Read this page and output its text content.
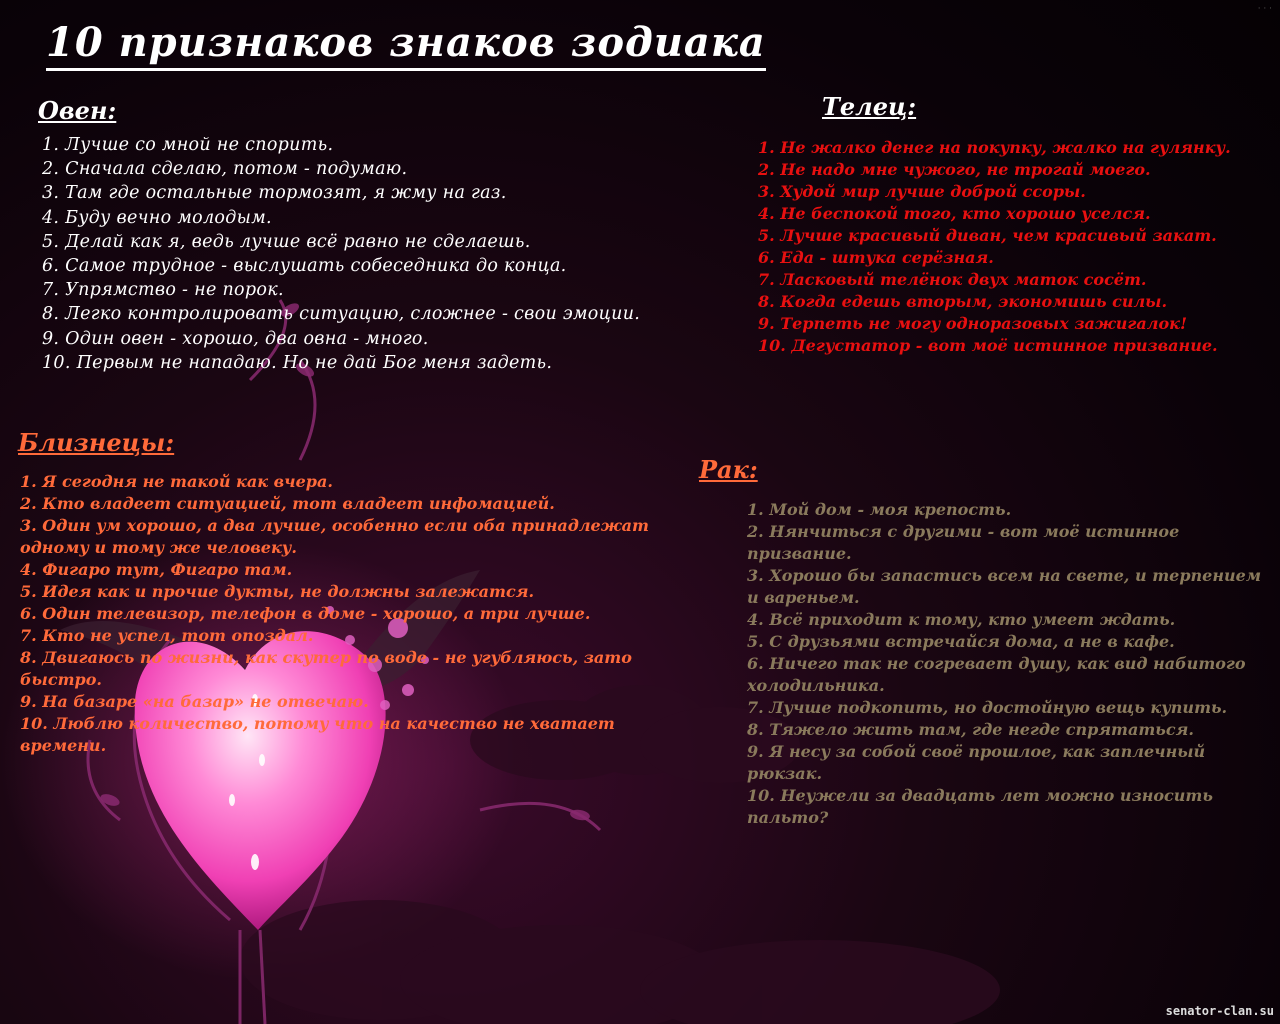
· · ·
10 признаков знаков зодиака
Овен:
1. Лучше со мной не спорить.
2. Сначала сделаю, потом - подумаю.
3. Там где остальные тормозят, я жму на газ.
4. Буду вечно молодым.
5. Делай как я, ведь лучше всё равно не сделаешь.
6. Самое трудное - выслушать собеседника до конца.
7. Упрямство - не порок.
8. Легко контролировать ситуацию, сложнее - свои эмоции.
9. Один овен - хорошо, два овна - много.
10. Первым не нападаю. Но не дай Бог меня задеть.
Телец:
1. Не жалко денег на покупку, жалко на гулянку.
2. Не надо мне чужого, не трогай моего.
3. Худой мир лучше доброй ссоры.
4. Не беспокой того, кто хорошо уселся.
5. Лучше красивый диван, чем красивый закат.
6. Еда - штука серёзная.
7. Ласковый телёнок двух маток сосёт.
8. Когда едешь вторым, экономишь силы.
9. Терпеть не могу одноразовых зажигалок!
10. Дегустатор - вот моё истинное призвание.
Близнецы:
1. Я сегодня не такой как вчера.
2. Кто владеет ситуацией, тот владеет инфомацией.
3. Один ум хорошо, а два лучше, особенно если оба принадлежат одному и тому же человеку.
4. Фигаро тут, Фигаро там.
5. Идея как и прочие дукты, не должны залежатся.
6. Один телевизор, телефон в доме - хорошо, а три лучше.
7. Кто не успел, тот опоздал.
8. Двигаюсь по жизни, как скутер по воде - не угубляюсь, зато быстро.
9. На базаре «на базар» не отвечаю.
10. Люблю количество, потому что на качество не хватает времени.
Рак:
1. Мой дом - моя крепость.
2. Нянчиться с другими - вот моё истинное призвание.
3. Хорошо бы запастись всем на свете, и терпением и вареньем.
4. Всё приходит к тому, кто умеет ждать.
5. С друзьями встречайся дома, а не в кафе.
6. Ничего так не согревает душу, как вид набитого холодильника.
7. Лучше подкопить, но достойную вещь купить.
8. Тяжело жить там, где негде спрятаться.
9. Я несу за собой своё прошлое, как заплечный рюкзак.
10. Неужели за двадцать лет можно износить пальто?
senator-clan.su
